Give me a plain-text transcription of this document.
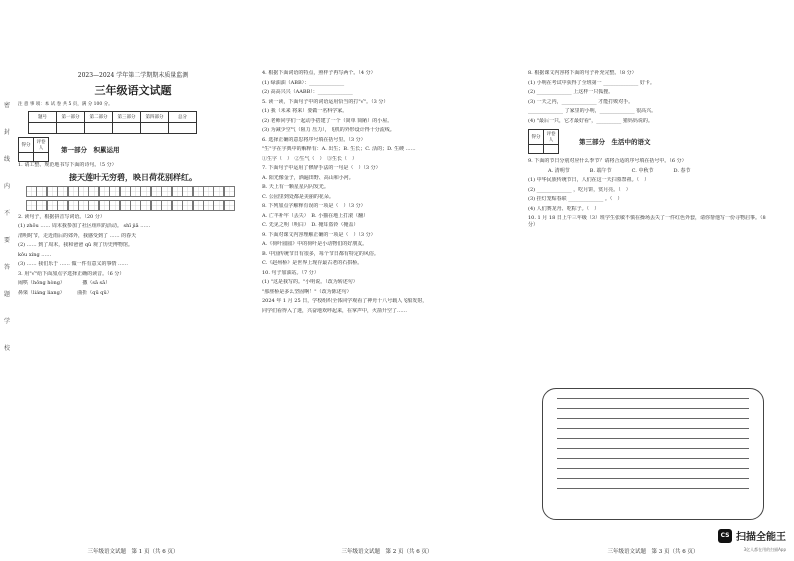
密
封
线
内
不
要
答
题
学
校
2023—2024 学年第二学期期末质量监测
三年级语文试题
注 意 事 项：本 试 卷 共 5 页，满 分 100 分。
题号	第一部分	第二部分	第三部分	第四部分	总分

得分	评卷人
		第一部分　积累运用
1. 请工整、规范地书写下面的诗句。（5 分）
接天莲叶无穷碧，映日荷花别样红。
2. 读句子，根据拼音写词语。（20 分）
(1) zhōu …… 周末我参加了社区组织的活动。 shī jiā ……
清明时节，走近雨后的郊外，我感受到了 …… 的春天
(2) …… 到了周末，我和爸爸 qǔ 观了历史博物馆。
kǒu xíng ……
(3) …… 我们乐于 …… 做一件有意义的事情 ……
3. 用"√"给下面加点字选择正确的读音。（6 分）
闹哄（hǒng hòng）　　　　撒（sā sǎ）
鼻梁（liáng liang）　　　曲折（qū qǔ）
三年级语文试题　第 1 页（共 6 页）
4. 根据下面词语的特点，照样子再写两个。（4 分）
(1) 绿油油（ABB）：______________
(2) 高高兴兴（AABB）：______________
5. 读一读，下面句子中的词语运用恰当的打"√"。（3 分）
(1) 我（未来 将来）要做一名科学家。
(2) 老师同学们一起动手搭建了一个（简单 简陋）的小屋。
(3) 为减少空气（阻力 压力），飞机的外形设计得十分流线。
6. 选择正确的意思将序号填在括号里。（3 分）
"生"字在字典中的解释有：A. 出生；B. 生长；C. 活的；D. 生硬 ……
①生字（　）　②生气（　）　③生长（　）
7. 下面句子中运用了修辞手法的一句是（　）（3 分）
A. 阳光像金子，洒遍田野、高山和小河。
B. 天上有一颗星星闪闪发光。
C. 公园里到处都是美丽的花朵。
8. 下列加点字解释有误的一项是（　）（3 分）
A. 亡羊补牢（丢失）　B. 小猫在地上打滚（翻）
C. 先见之明（明白）　D. 掩耳盗铃（掩盖）
9. 下面对课文内容理解正确的一项是（　）（3 分）
A.《荷叶圆圆》中的荷叶是小动物们的好朋友。
B. 中国传统节日有很多，每个节日都有特定的风俗。
C.《赵州桥》是世界上现存最古老的石拱桥。
10. 句子加油站。（7 分）
(1) "这是我写的。"小明说。（改为转述句）
"那座桥是多么坚固啊！"（改为陈述句）
2024 年 1 月 25 日，学校组织全体同学观看了神舟十八号载人飞船发射，
同学们看得入了迷，兴奋地欢呼起来，在掌声中，火箭升空了……
三年级语文试题　第 2 页（共 6 页）
8. 根据课文内容将下面的句子补充完整。（8 分）
(1) 小明在考试中获得了全班第一 ______________ 好卡。
(2) ______________ 上这样一只狐狸。
(3) 一天之内，______________ 才能打败对手。
______________ 了家里的小明，______________ 很高兴。
(4) "最后一只，它才最好看"，__________ 猪妈妈说的。
得分	评卷人
		第三部分　生活中的语文
9. 下面的节日分别对应什么季节？请将合适的序号填在括号中。（6 分）
A. 清明节	B. 端午节	C. 中秋节	D. 春节
(1) 中华民族传统节日，人们在这一天扫墓祭祖。（　）
(2) ______________ ，吃月饼，赏月亮。（　）
(3) 挂灯笼贴春联 ______________ 。（　）
(4) 人们赛龙舟、吃粽子。（　）
10. 1 月 18 日上午三年级（3）班学生张敏不慎在操场丢失了一件红色外套，请你帮他写一份寻物启事。（8 分）
三年级语文试题　第 3 页（共 6 页）
CS 扫描全能王
3亿人都在用的扫描App
